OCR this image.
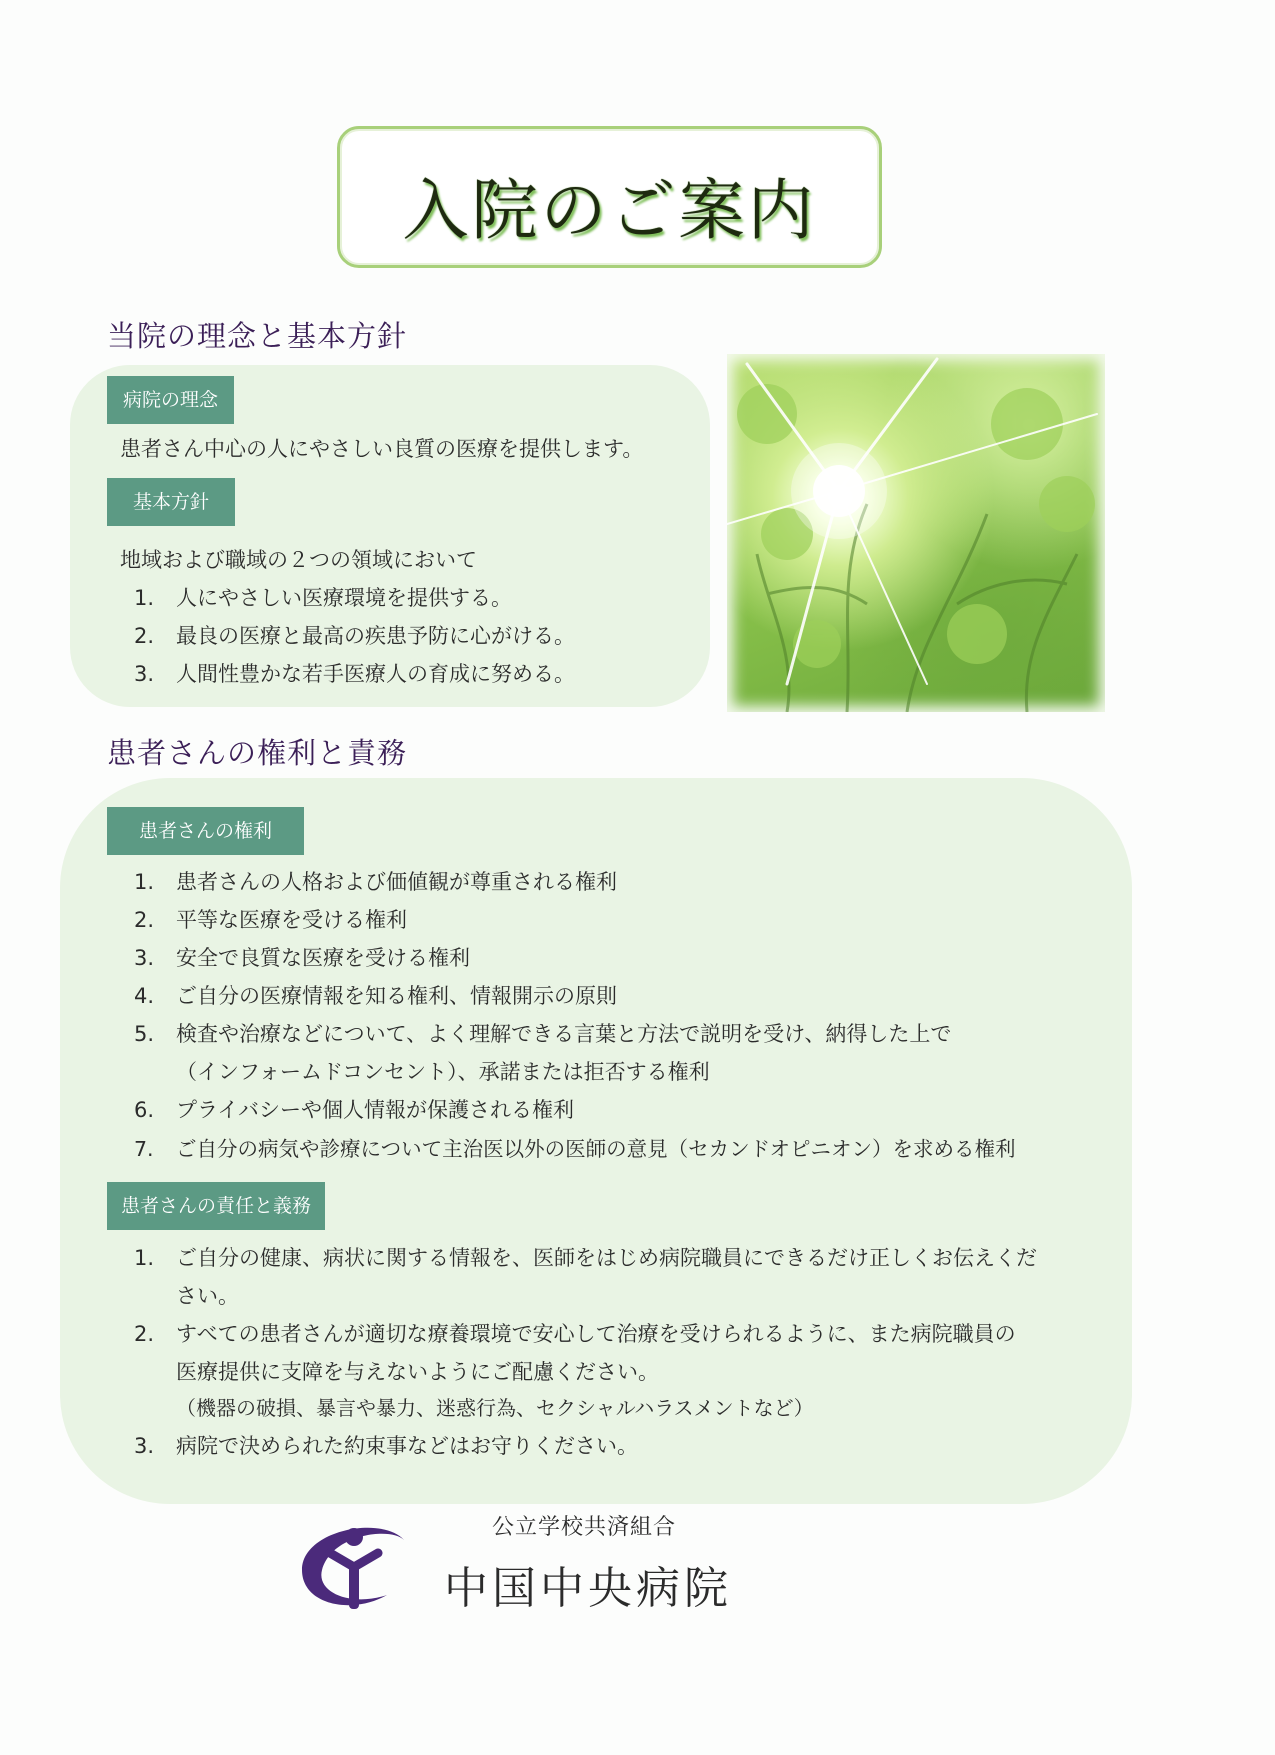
入院のご案内
当院の理念と基本方針
病院の理念
患者さん中心の人にやさしい良質の医療を提供します。
基本方針
地域および職域の２つの領域において
1. 人にやさしい医療環境を提供する。
2. 最良の医療と最高の疾患予防に心がける。
3. 人間性豊かな若手医療人の育成に努める。
患者さんの権利と責務
患者さんの権利
1. 患者さんの人格および価値観が尊重される権利
2. 平等な医療を受ける権利
3. 安全で良質な医療を受ける権利
4. ご自分の医療情報を知る権利、情報開示の原則
5. 検査や治療などについて、よく理解できる言葉と方法で説明を受け、納得した上で
（インフォームドコンセント）、承諾または拒否する権利
6. プライバシーや個人情報が保護される権利
7. ご自分の病気や診療について主治医以外の医師の意見（セカンドオピニオン）を求める権利
患者さんの責任と義務
1. ご自分の健康、病状に関する情報を、医師をはじめ病院職員にできるだけ正しくお伝えくだ
さい。
2. すべての患者さんが適切な療養環境で安心して治療を受けられるように、また病院職員の
医療提供に支障を与えないようにご配慮ください。
（機器の破損、暴言や暴力、迷惑行為、セクシャルハラスメントなど）
3. 病院で決められた約束事などはお守りください。
公立学校共済組合
中国中央病院
